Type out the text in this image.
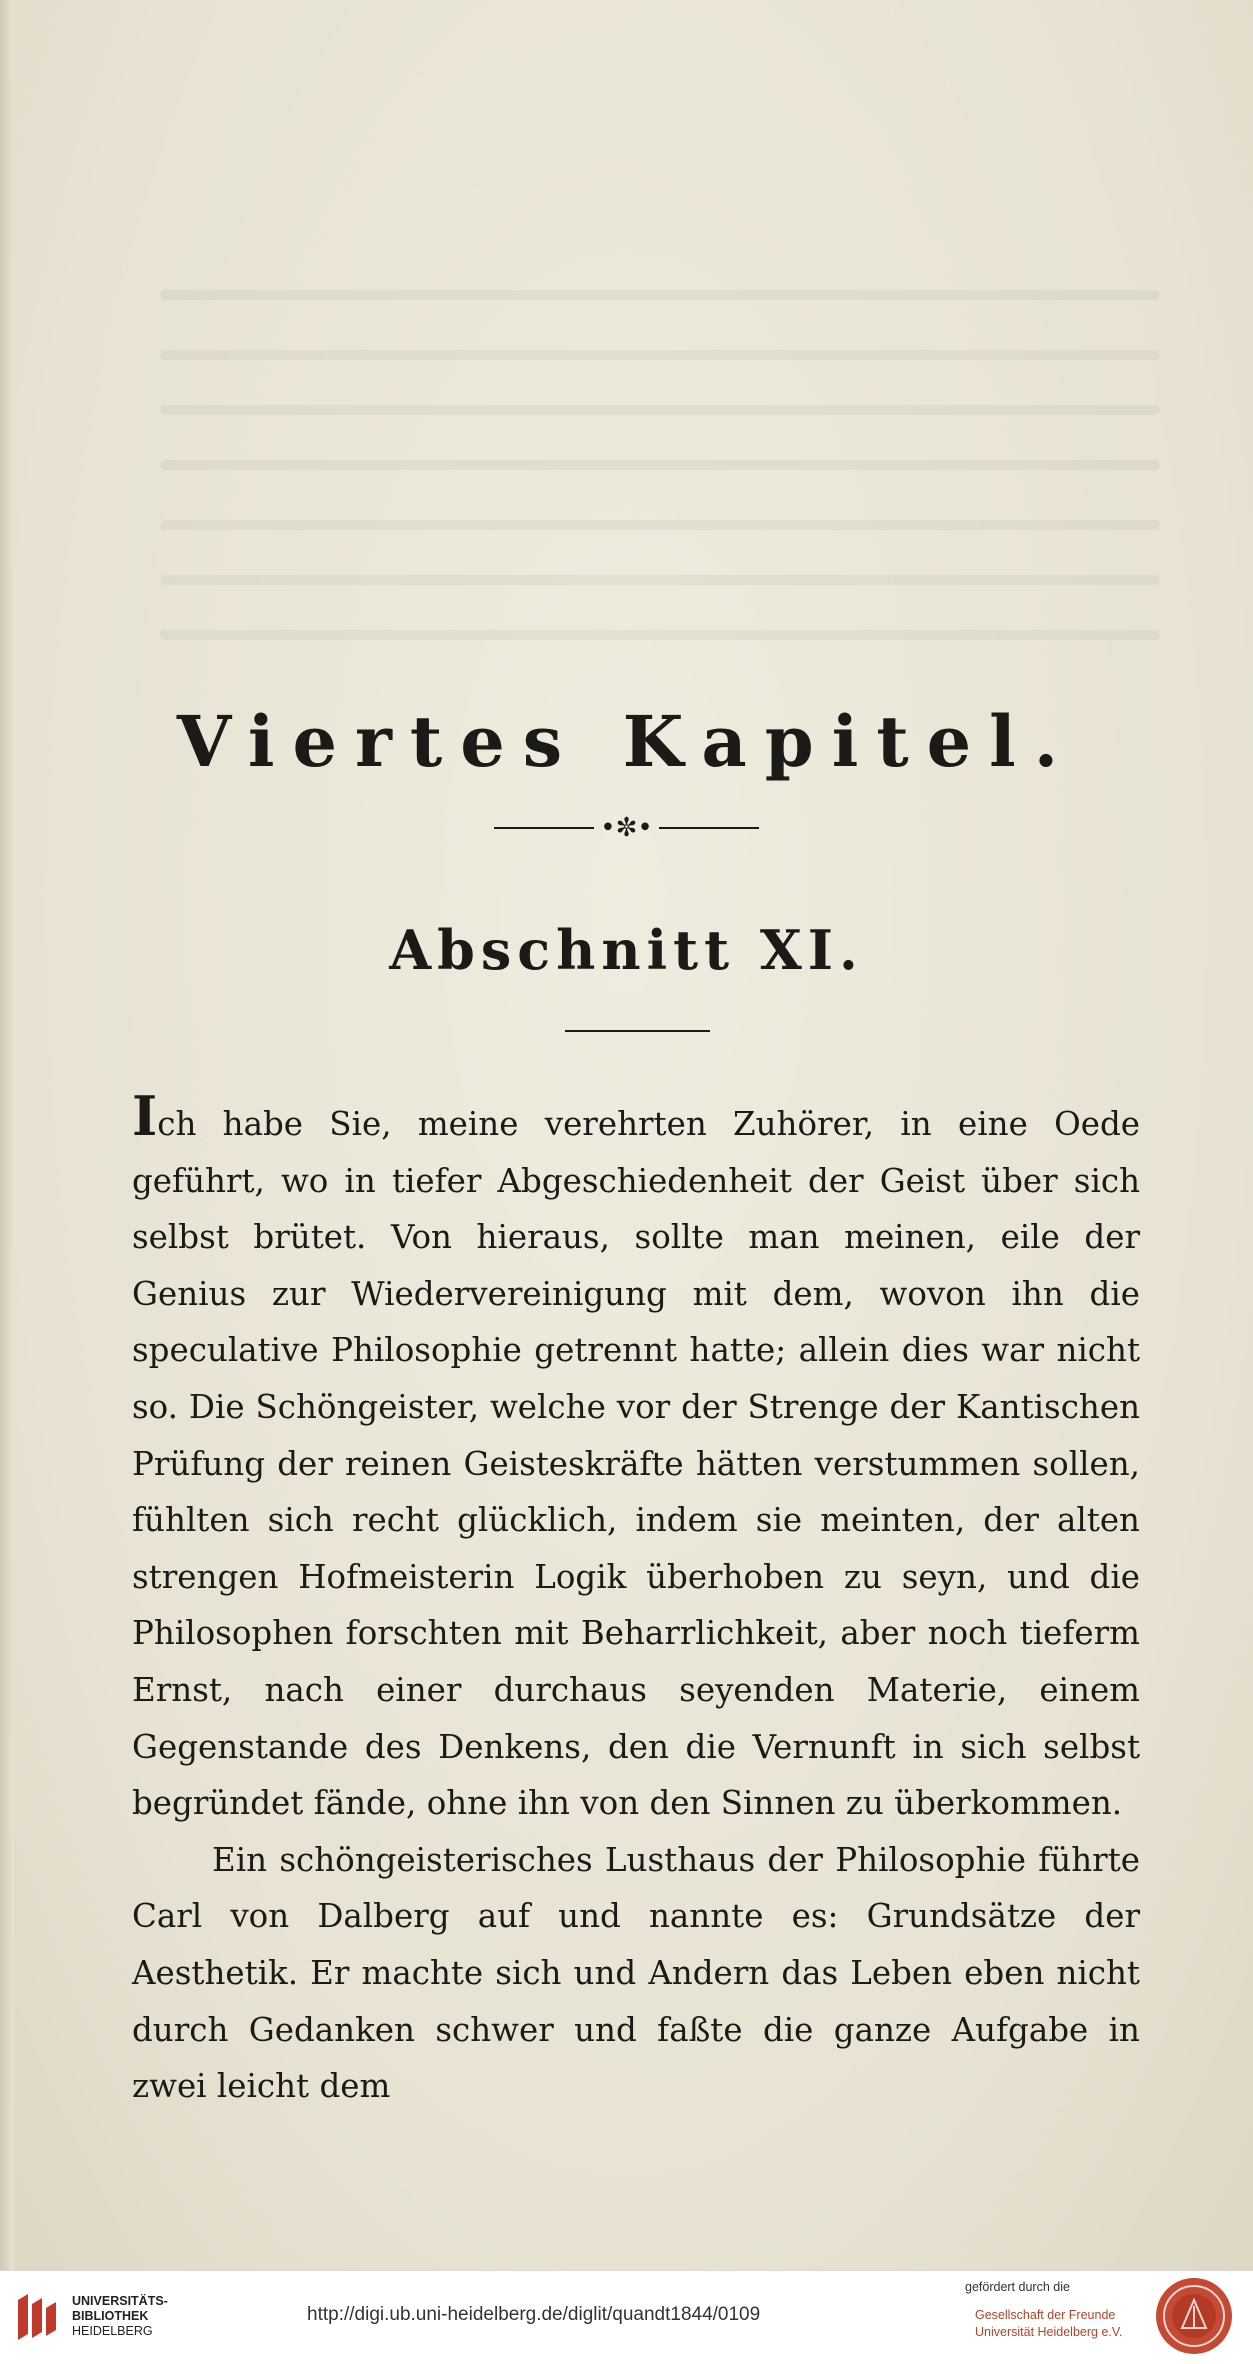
Viertes Kapitel.
•✼•
Abschnitt XI.

Ich habe Sie, meine verehrten Zuhörer, in eine Oede geführt, wo in tiefer Abgeschiedenheit der Geist über sich selbst brütet. Von hieraus, sollte man meinen, eile der Genius zur Wiedervereinigung mit dem, wovon ihn die speculative Philosophie getrennt hatte; allein dies war nicht so. Die Schöngeister, welche vor der Strenge der Kantischen Prüfung der reinen Geisteskräfte hätten verstummen sollen, fühlten sich recht glücklich, indem sie meinten, der alten strengen Hofmeisterin Logik überhoben zu seyn, und die Philosophen forschten mit Beharrlichkeit, aber noch tieferm Ernst, nach einer durchaus seyenden Materie, einem Gegenstande des Denkens, den die Vernunft in sich selbst begründet fände, ohne ihn von den Sinnen zu überkommen.

Ein schöngeisterisches Lusthaus der Philosophie führte Carl von Dalberg auf und nannte es: Grundsätze der Aesthetik. Er machte sich und Andern das Leben eben nicht durch Gedanken schwer und faßte die ganze Aufgabe in zwei leicht dem

UNIVERSITÄTS-
BIBLIOTHEK
HEIDELBERG
http://digi.ub.uni-heidelberg.de/diglit/quandt1844/0109
gefördert durch die
Gesellschaft der Freunde
Universität Heidelberg e.V.
